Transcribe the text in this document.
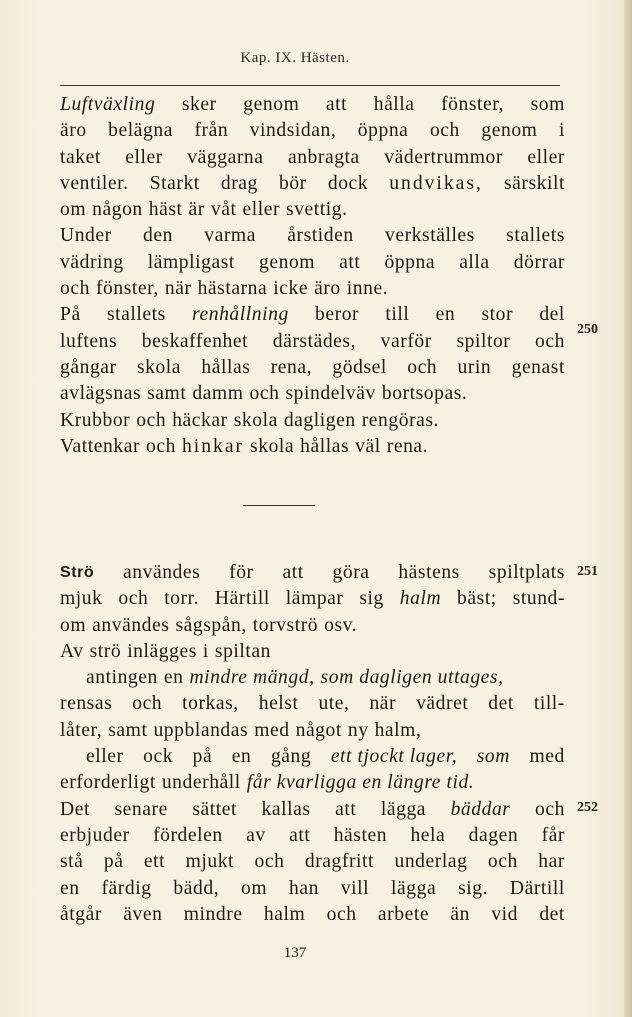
Kap. IX. Hästen.
Luftväxling sker genom att hålla fönster, som
äro belägna från vindsidan, öppna och genom i
taket eller väggarna anbragta vädertrummor eller
ventiler. Starkt drag bör dock undvikas, särskilt
om någon häst är våt eller svettig.
Under den varma årstiden verkställes stallets
vädring lämpligast genom att öppna alla dörrar
och fönster, när hästarna icke äro inne.
På stallets renhållning beror till en stor del
luftens beskaffenhet därstädes, varför spiltor och
gångar skola hållas rena, gödsel och urin genast
avlägsnas samt damm och spindelväv bortsopas.
Krubbor och häckar skola dagligen rengöras.
Vattenkar och hinkar skola hållas väl rena.
250
Strö användes för att göra hästens spiltplats
mjuk och torr. Härtill lämpar sig halm bäst; stund-
om användes sågspån, torvströ osv.
Av strö inlägges i spiltan
antingen en mindre mängd, som dagligen uttages,
rensas och torkas, helst ute, när vädret det till-
låter, samt uppblandas med något ny halm,
eller ock på en gång ett tjockt lager, som med
erforderligt underhåll får kvarligga en längre tid.
Det senare sättet kallas att lägga bäddar och
erbjuder fördelen av att hästen hela dagen får
stå på ett mjukt och dragfritt underlag och har
en färdig bädd, om han vill lägga sig. Därtill
åtgår även mindre halm och arbete än vid det
251
252
137
